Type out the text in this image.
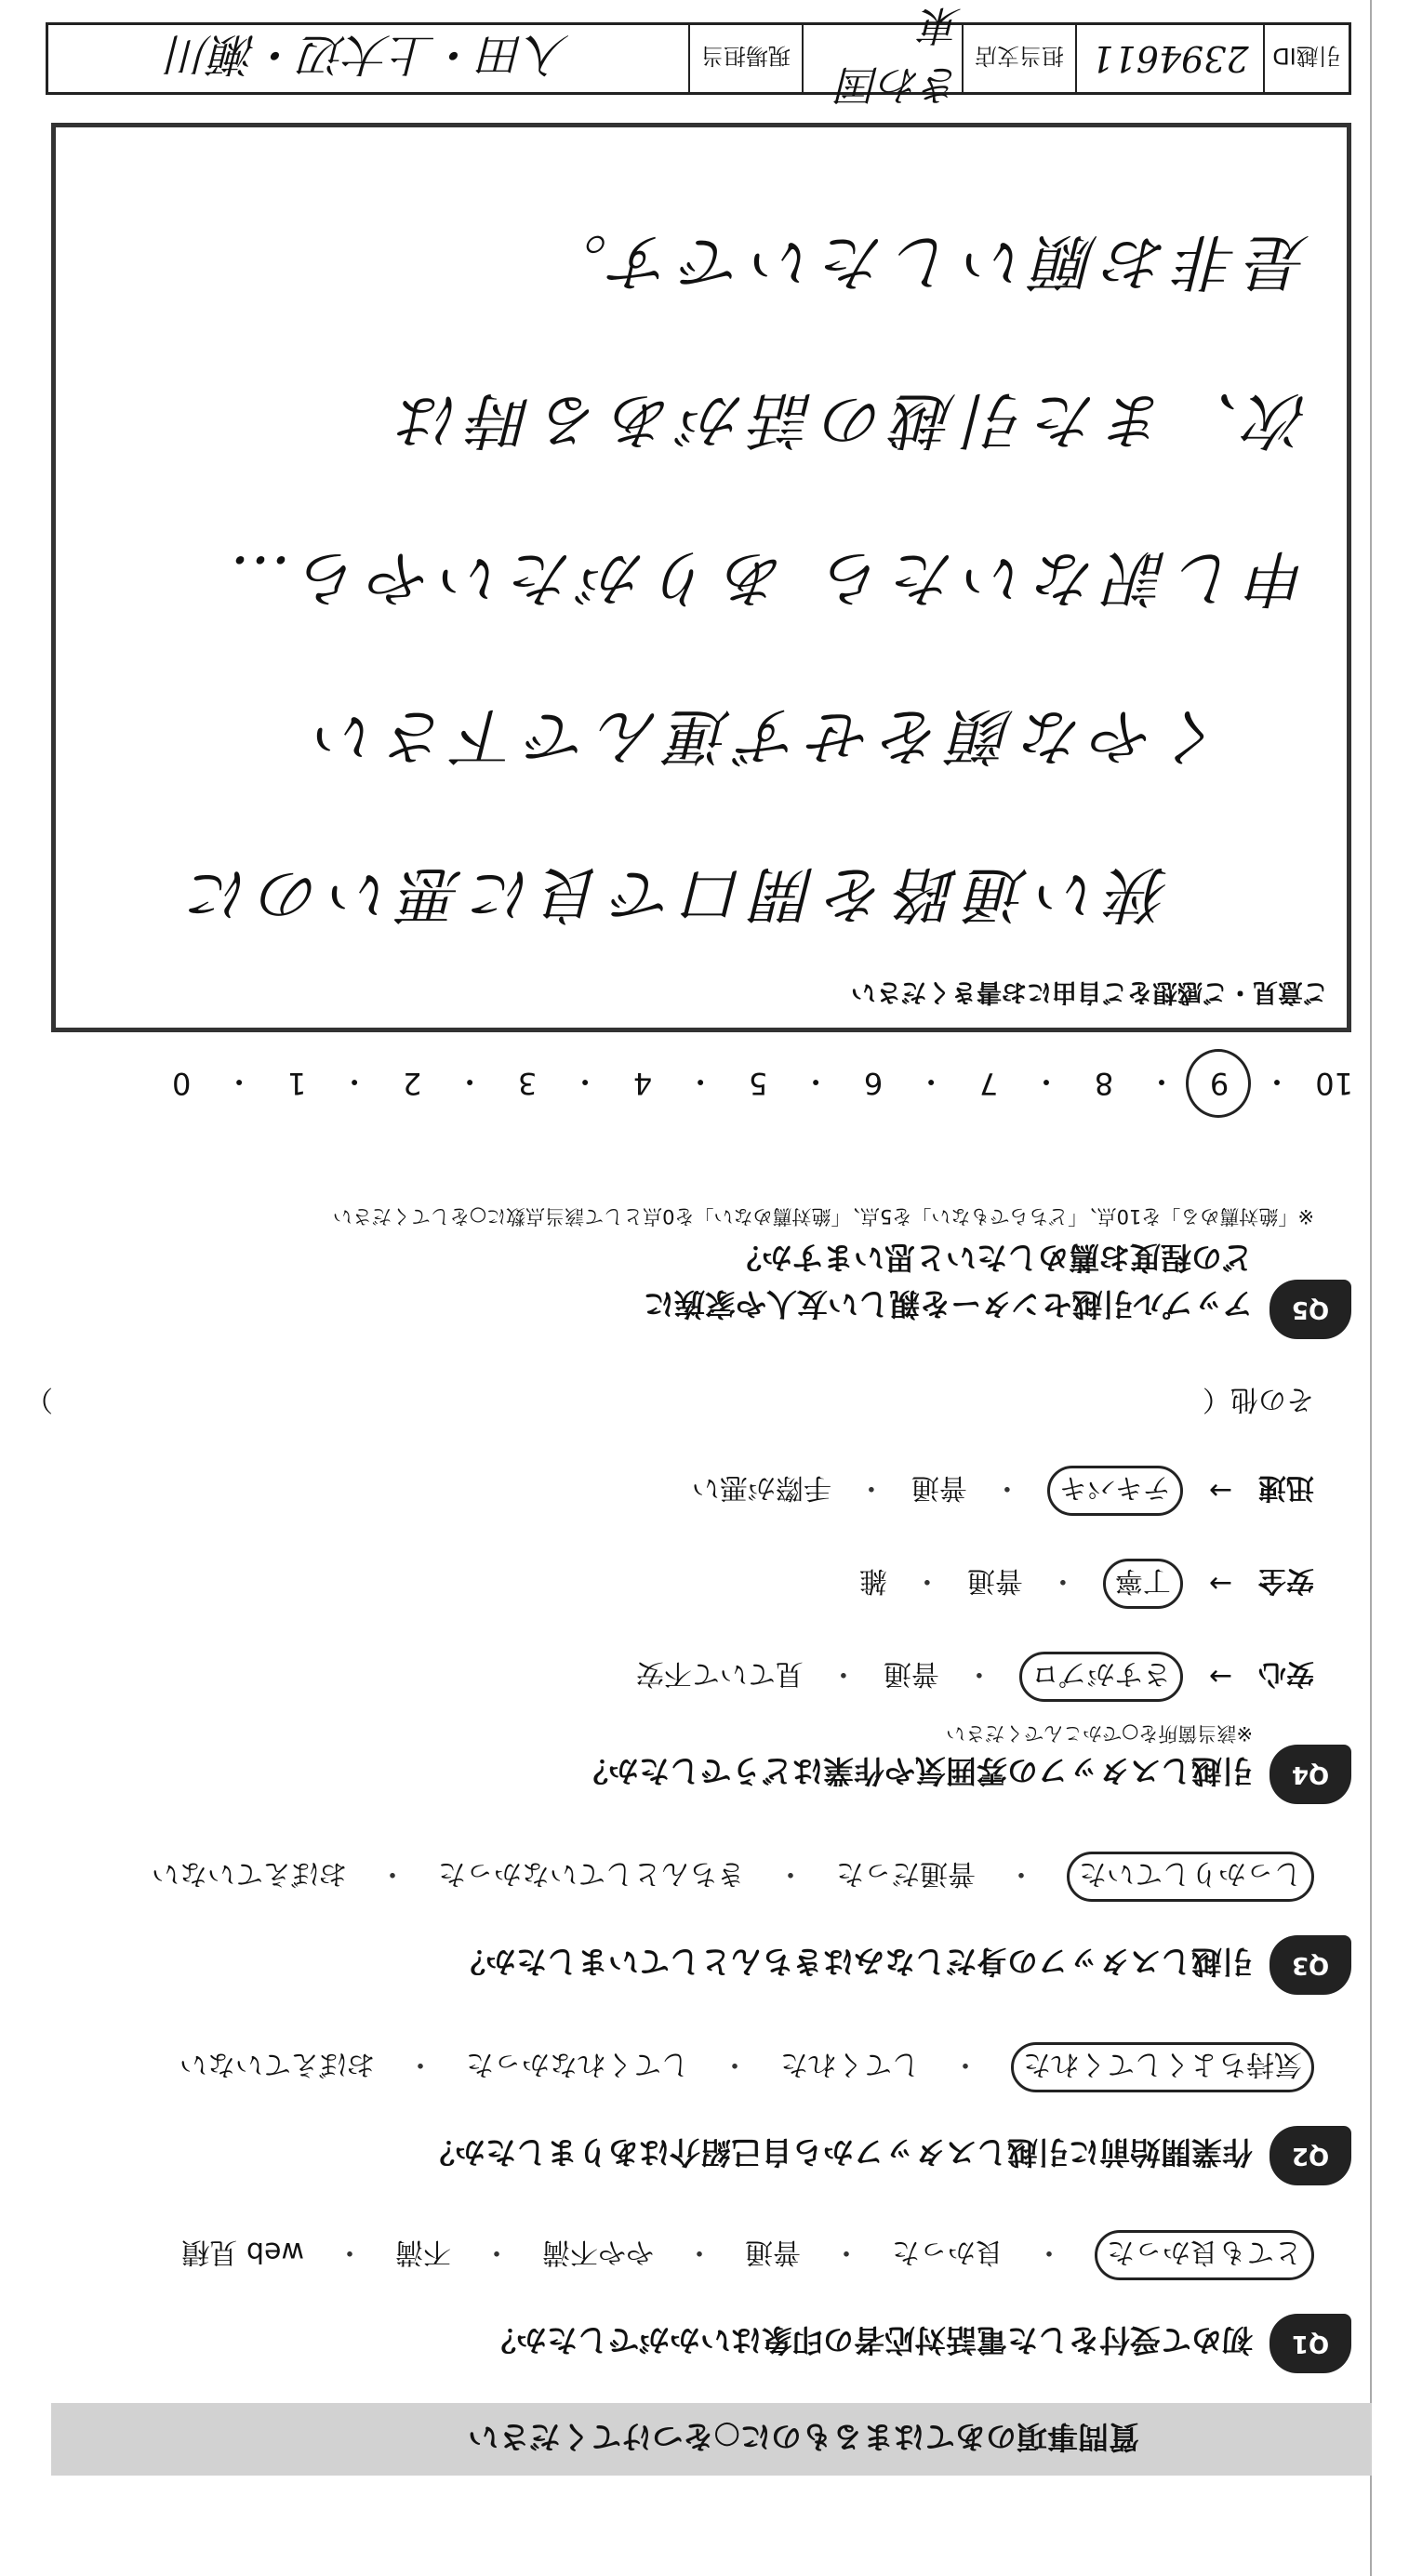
質問事項のあてはまるものに○をつけてください
Q1
初めて受付をした電話対応者の印象はいかがでしたか？
とても良かった
・
良かった
・
普通
・
やや不満
・
不満
・
web 見積
Q2
作業開始前に引越しスタッフから自己紹介はありましたか？
気持ちよくしてくれた
・
してくれた
・
してくれなかった
・
おぼえていない
Q3
引越しスタッフの身だしなみはきちんとしていましたか？
しっかりしていた
・
普通だった
・
きちんとしていなかった
・
おぼえていない
Q4
引越しスタッフの雰囲気や作業はどうでしたか？
※該当箇所を○でかこんでください
安心
→
さすがプロ
・
普通
・
見ていて不安
安全
→
丁寧
・
普通
・
雑
迅速
→
テキパキ
・
普通
・
手際が悪い
その他（
）
Q5
アップル引越センターを親しい友人や家族に
どの程度お薦めしたいと思いますか？
※「絶対薦める」を10点、「どちらでもない」を5点、「絶対薦めない」を0点として該当点数に○をしてください
10
・
9
・
8
・
7
・
6
・
5
・
4
・
3
・
2
・
1
・
0
ご意見・ご感想をご自由にお書きください
狭い通路を開口で良に悪いのに
くやな顔をせず運んで下さい
申し訳ないたら ありがたいやら…
次、また引越の話がある時は
是非お願いしたいです。
引越ID
2394611
担当支店
きわ国東
現場担当
入田・上大辺・瀬川
